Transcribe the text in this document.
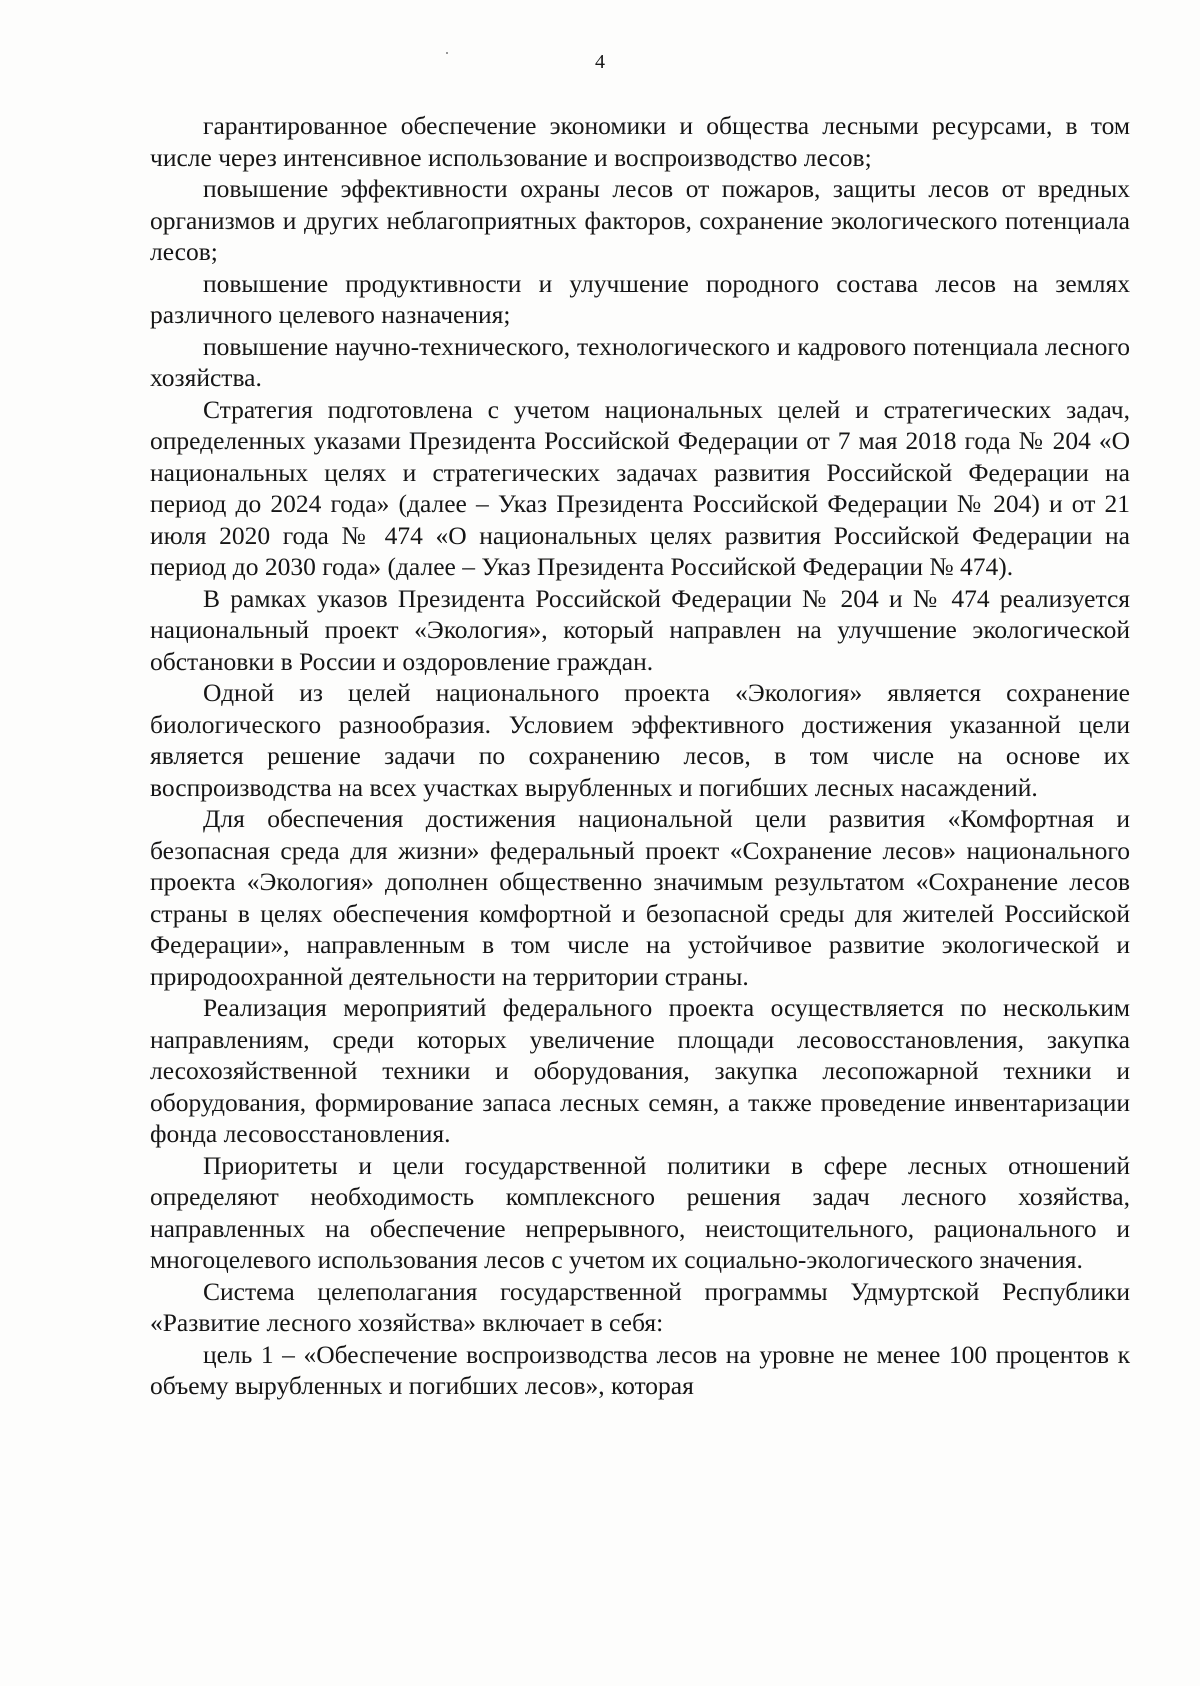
4

гарантированное обеспечение экономики и общества лесными ресурсами, в том числе через интенсивное использование и воспроизводство лесов;

повышение эффективности охраны лесов от пожаров, защиты лесов от вредных организмов и других неблагоприятных факторов, сохранение экологического потенциала лесов;

повышение продуктивности и улучшение породного состава лесов на землях различного целевого назначения;

повышение научно-технического, технологического и кадрового потенциала лесного хозяйства.

Стратегия подготовлена с учетом национальных целей и стратегических задач, определенных указами Президента Российской Федерации от 7 мая 2018 года № 204 «О национальных целях и стратегических задачах развития Российской Федерации на период до 2024 года» (далее – Указ Президента Российской Федерации № 204) и от 21 июля 2020 года № 474 «О национальных целях развития Российской Федерации на период до 2030 года» (далее – Указ Президента Российской Федерации № 474).

В рамках указов Президента Российской Федерации № 204 и № 474 реализуется национальный проект «Экология», который направлен на улучшение экологической обстановки в России и оздоровление граждан.

Одной из целей национального проекта «Экология» является сохранение биологического разнообразия. Условием эффективного достижения указанной цели является решение задачи по сохранению лесов, в том числе на основе их воспроизводства на всех участках вырубленных и погибших лесных насаждений.

Для обеспечения достижения национальной цели развития «Комфортная и безопасная среда для жизни» федеральный проект «Сохранение лесов» национального проекта «Экология» дополнен общественно значимым результатом «Сохранение лесов страны в целях обеспечения комфортной и безопасной среды для жителей Российской Федерации», направленным в том числе на устойчивое развитие экологической и природоохранной деятельности на территории страны.

Реализация мероприятий федерального проекта осуществляется по нескольким направлениям, среди которых увеличение площади лесовосстановления, закупка лесохозяйственной техники и оборудования, закупка лесопожарной техники и оборудования, формирование запаса лесных семян, а также проведение инвентаризации фонда лесовосстановления.

Приоритеты и цели государственной политики в сфере лесных отношений определяют необходимость комплексного решения задач лесного хозяйства, направленных на обеспечение непрерывного, неистощительного, рационального и многоцелевого использования лесов с учетом их социально-экологического значения.

Система целеполагания государственной программы Удмуртской Республики «Развитие лесного хозяйства» включает в себя:

цель 1 – «Обеспечение воспроизводства лесов на уровне не менее 100 процентов к объему вырубленных и погибших лесов», которая
